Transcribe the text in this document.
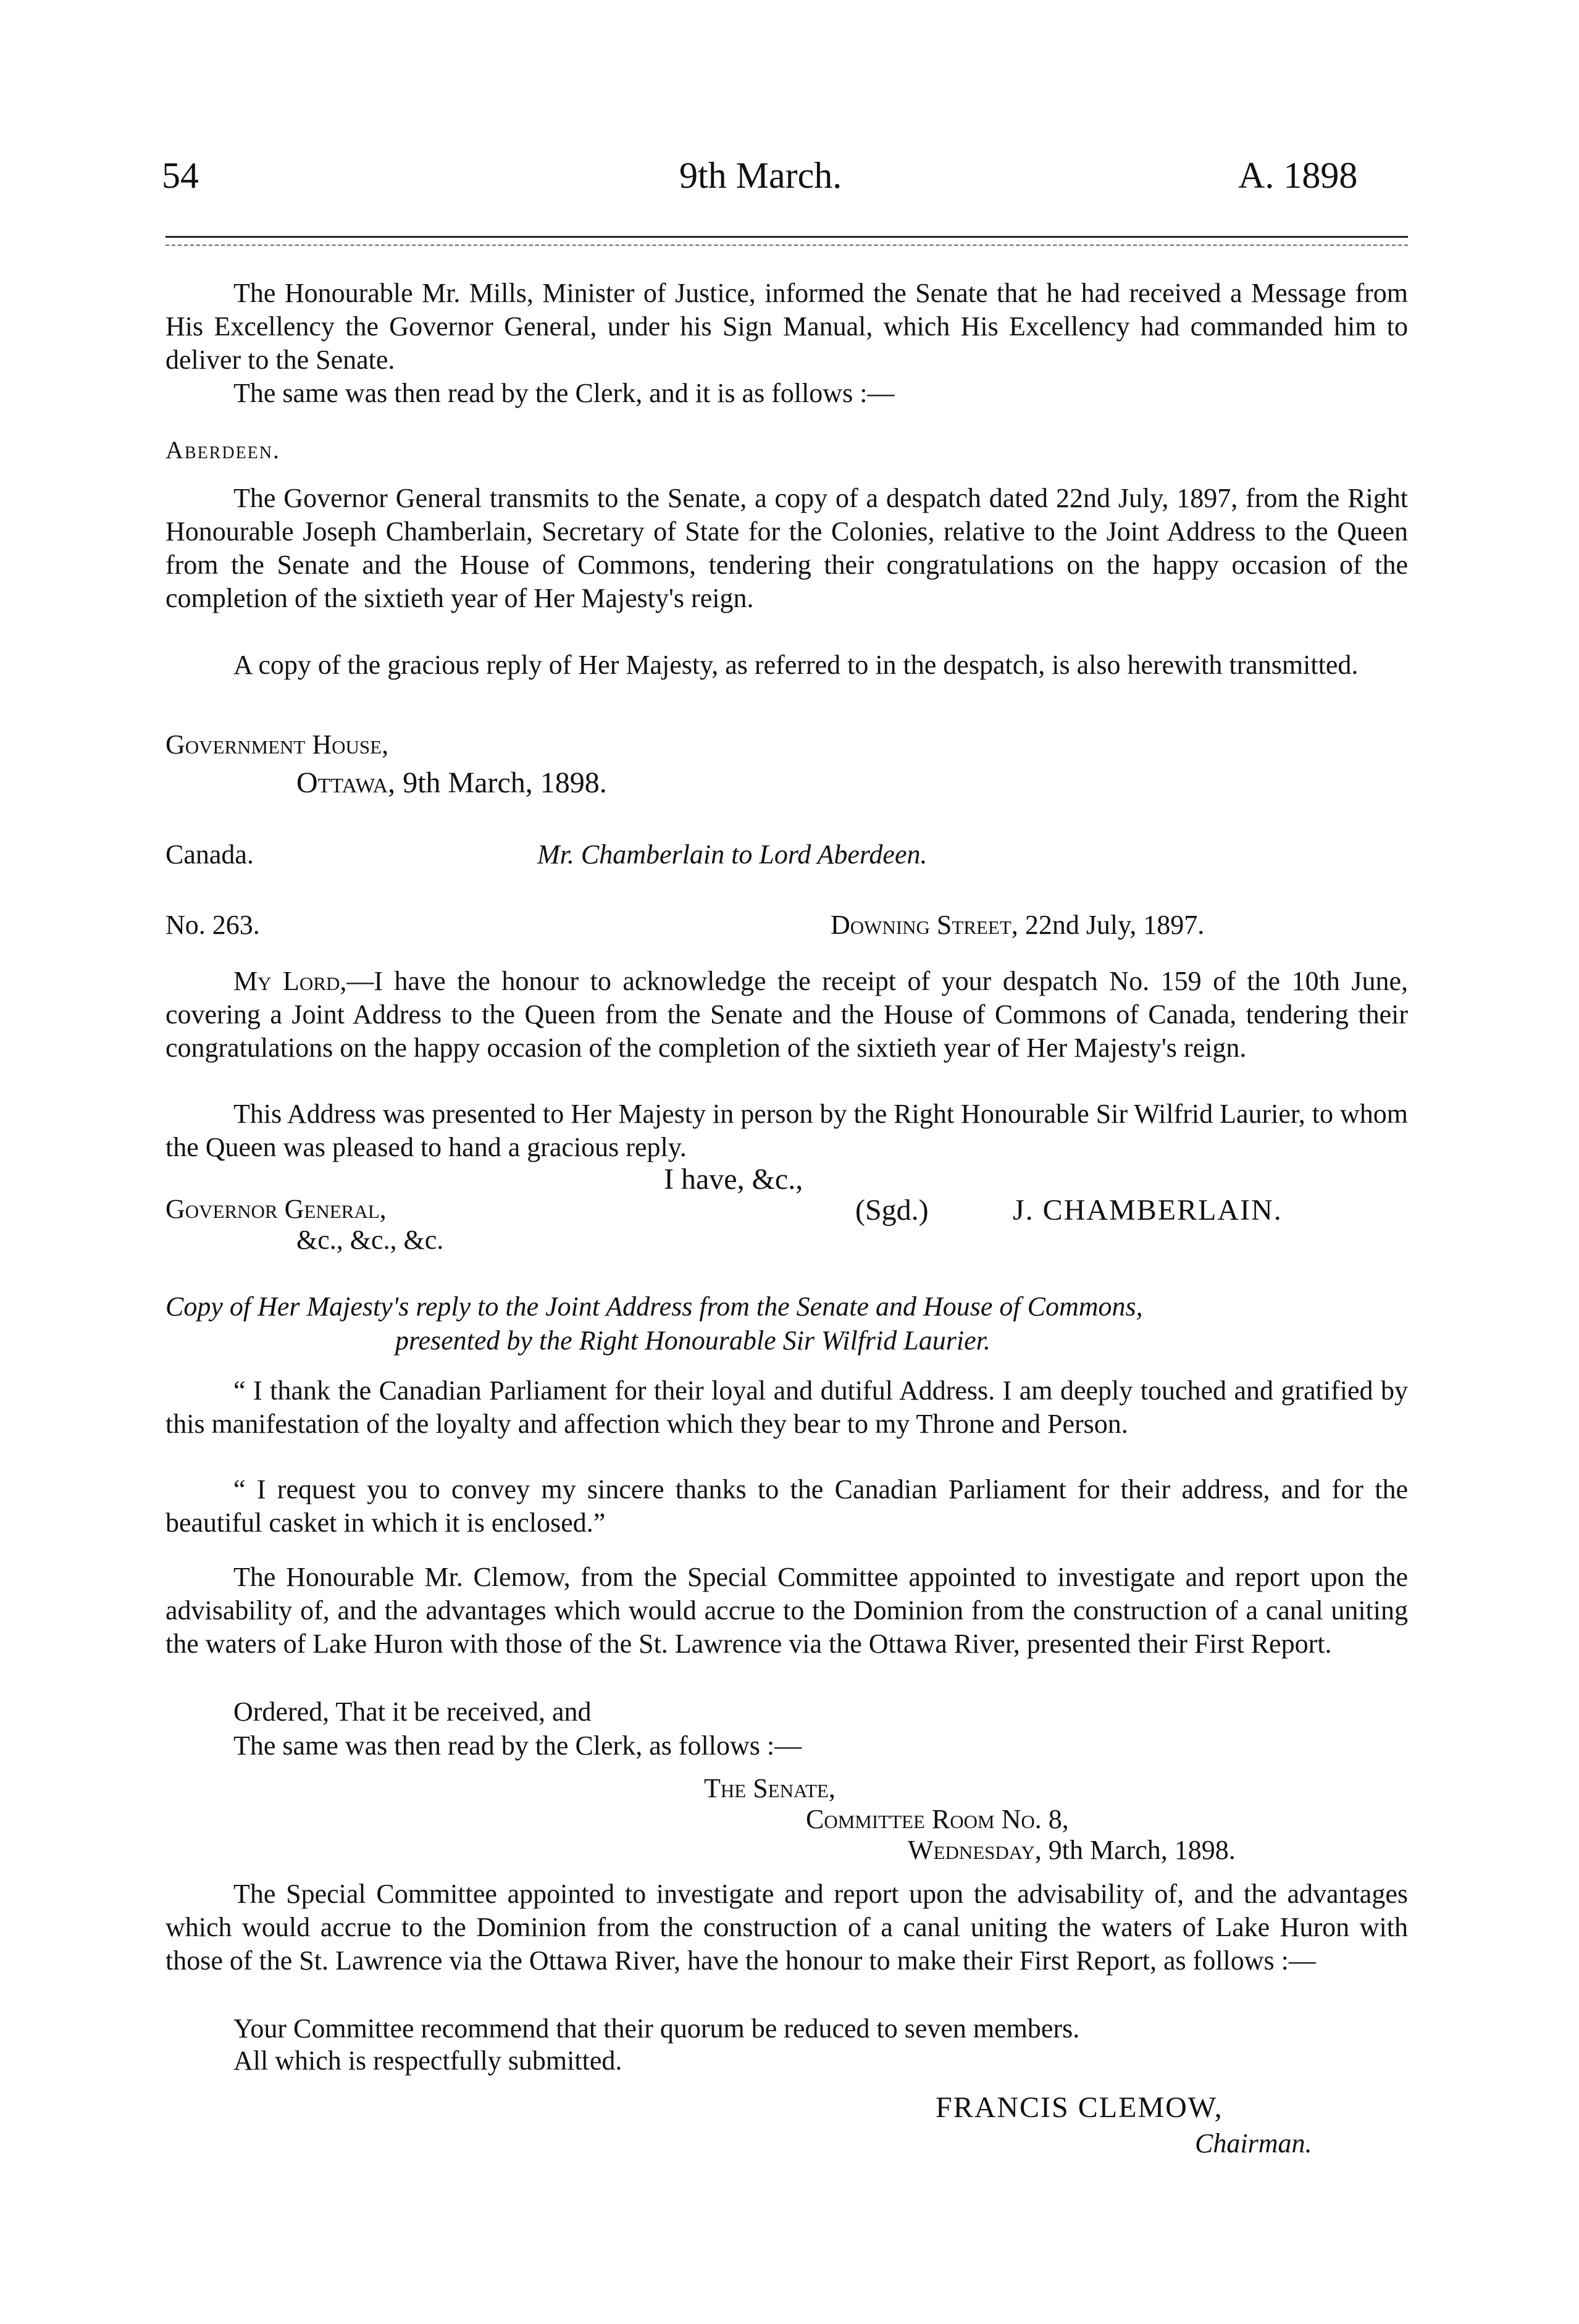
54	9th March.	A. 1898
The Honourable Mr. Mills, Minister of Justice, informed the Senate that he had received a Message from His Excellency the Governor General, under his Sign Manual, which His Excellency had commanded him to deliver to the Senate.
The same was then read by the Clerk, and it is as follows :—
Aberdeen.
The Governor General transmits to the Senate, a copy of a despatch dated 22nd July, 1897, from the Right Honourable Joseph Chamberlain, Secretary of State for the Colonies, relative to the Joint Address to the Queen from the Senate and the House of Commons, tendering their congratulations on the happy occasion of the completion of the sixtieth year of Her Majesty's reign.
A copy of the gracious reply of Her Majesty, as referred to in the despatch, is also herewith transmitted.
Government House,
Ottawa, 9th March, 1898.
Canada.	Mr. Chamberlain to Lord Aberdeen.
No. 263.	Downing Street, 22nd July, 1897.
My Lord,—I have the honour to acknowledge the receipt of your despatch No. 159 of the 10th June, covering a Joint Address to the Queen from the Senate and the House of Commons of Canada, tendering their congratulations on the happy occasion of the completion of the sixtieth year of Her Majesty's reign.
This Address was presented to Her Majesty in person by the Right Honourable Sir Wilfrid Laurier, to whom the Queen was pleased to hand a gracious reply.
I have, &c.,
Governor General,	(Sgd.)	J. CHAMBERLAIN.
&c., &c., &c.
Copy of Her Majesty's reply to the Joint Address from the Senate and House of Commons,
presented by the Right Honourable Sir Wilfrid Laurier.
“ I thank the Canadian Parliament for their loyal and dutiful Address. I am deeply touched and gratified by this manifestation of the loyalty and affection which they bear to my Throne and Person.
“ I request you to convey my sincere thanks to the Canadian Parliament for their address, and for the beautiful casket in which it is enclosed.”
The Honourable Mr. Clemow, from the Special Committee appointed to investigate and report upon the advisability of, and the advantages which would accrue to the Dominion from the construction of a canal uniting the waters of Lake Huron with those of the St. Lawrence via the Ottawa River, presented their First Report.
Ordered, That it be received, and
The same was then read by the Clerk, as follows :—
The Senate,
Committee Room No. 8,
Wednesday, 9th March, 1898.
The Special Committee appointed to investigate and report upon the advisability of, and the advantages which would accrue to the Dominion from the construction of a canal uniting the waters of Lake Huron with those of the St. Lawrence via the Ottawa River, have the honour to make their First Report, as follows :—
Your Committee recommend that their quorum be reduced to seven members.
All which is respectfully submitted.
FRANCIS CLEMOW,
Chairman.
